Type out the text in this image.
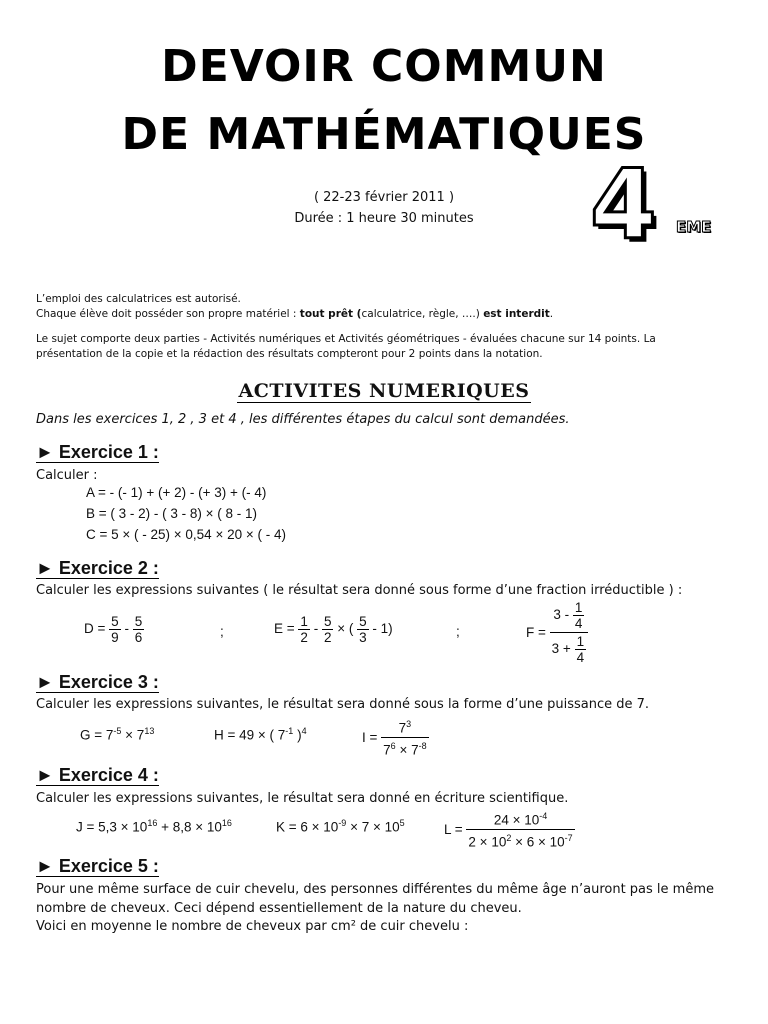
DEVOIR COMMUN
DE MATHÉMATIQUES
( 22-23 février 2011 )
Durée : 1 heure 30 minutes	4 EME
L’emploi des calculatrices est autorisé.
Chaque élève doit posséder son propre matériel : tout prêt (calculatrice, règle, ….) est interdit.
Le sujet comporte deux parties - Activités numériques et Activités géométriques - évaluées chacune sur 14 points. La
présentation de la copie et la rédaction des résultats compteront pour 2 points dans la notation.
ACTIVITES NUMERIQUES
Dans les exercices 1, 2 , 3 et 4 , les différentes étapes du calcul sont demandées.
► Exercice 1 :
Calculer :
A = - (- 1) + (+ 2) - (+ 3) + (- 4)
B = ( 3 - 2) - ( 3 - 8) × ( 8 - 1)
C = 5 × ( - 25) × 0,54 × 20 × ( - 4)
► Exercice 2 :
Calculer les expressions suivantes ( le résultat sera donné sous forme d’une fraction irréductible ) :
$D = \frac{5}{9} - \frac{5}{6}$	;	$E = \frac{1}{2} - \frac{5}{2}$ × ( $\frac{5}{3} - 1$)	;	$F = \frac{3 - \frac{1}{4}}{3 + \frac{1}{4}}$
► Exercice 3 :
Calculer les expressions suivantes, le résultat sera donné sous la forme d’une puissance de 7.
$G = 7^{-5} \times 7^{13}$	H = 49 × ( $7^{-1}$ )$^4$	$I = \frac{7^3}{7^6 \times 7^{-8}}$
► Exercice 4 :
Calculer les expressions suivantes, le résultat sera donné en écriture scientifique.
$J = 5,3 \times 10^{16} + 8,8 \times 10^{16}$	$K = 6 \times 10^{-9} \times 7 \times 10^5$	$L = \frac{24 \times 10^{-4}}{2 \times 10^2 \times 6 \times 10^{-7}}$
► Exercice 5 :
Pour une même surface de cuir chevelu, des personnes différentes du même âge n’auront pas le même
nombre de cheveux. Ceci dépend essentiellement de la nature du cheveu.
Voici en moyenne le nombre de cheveux par cm² de cuir chevelu :
